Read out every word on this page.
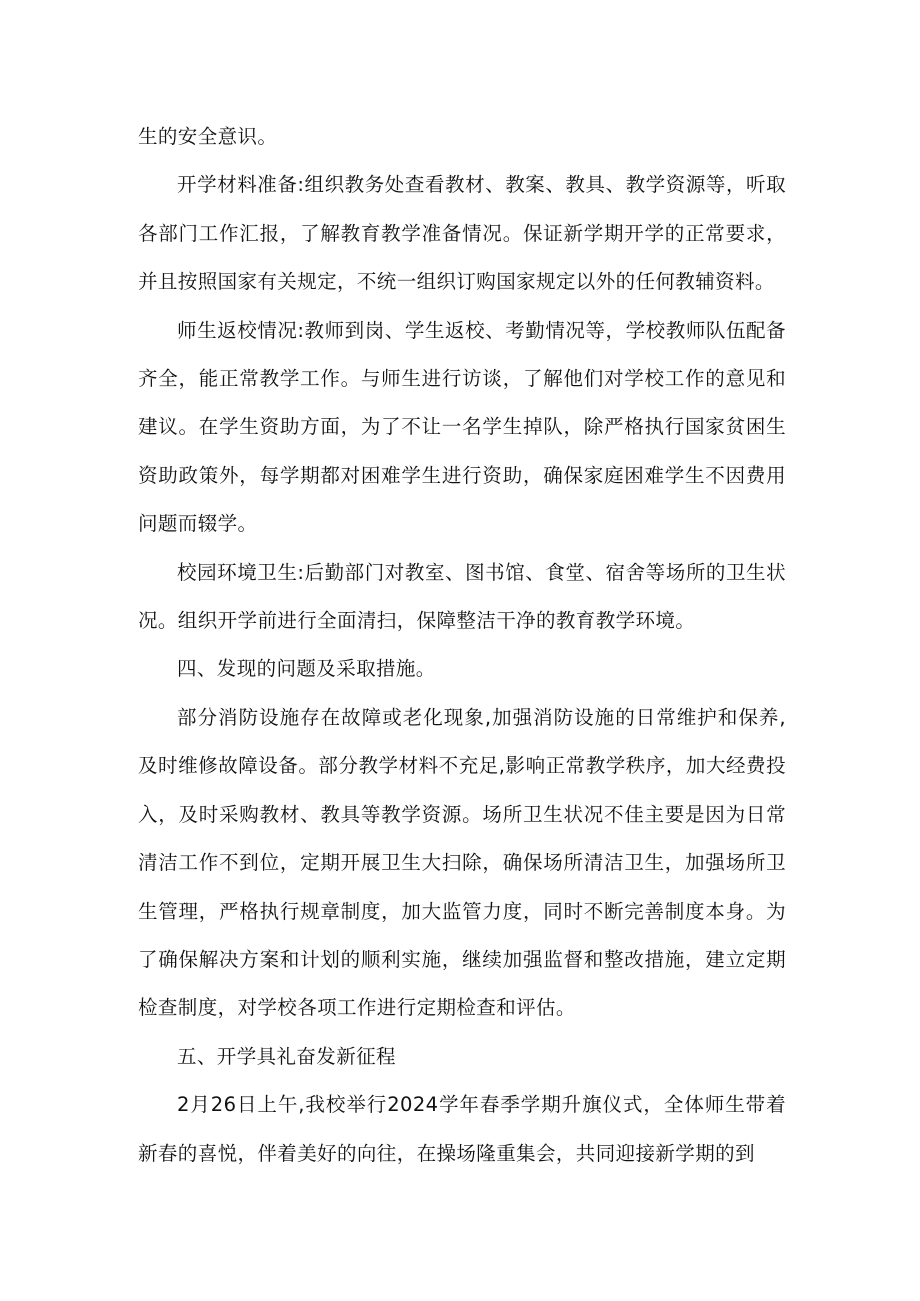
生的安全意识。

开学材料准备:组织教务处查看教材、教案、教具、教学资源等，听取各部门工作汇报，了解教育教学准备情况。保证新学期开学的正常要求，并且按照国家有关规定，不统一组织订购国家规定以外的任何教辅资料。

师生返校情况:教师到岗、学生返校、考勤情况等，学校教师队伍配备齐全，能正常教学工作。与师生进行访谈，了解他们对学校工作的意见和建议。在学生资助方面，为了不让一名学生掉队，除严格执行国家贫困生资助政策外，每学期都对困难学生进行资助，确保家庭困难学生不因费用问题而辍学。

校园环境卫生:后勤部门对教室、图书馆、食堂、宿舍等场所的卫生状况。组织开学前进行全面清扫，保障整洁干净的教育教学环境。

四、发现的问题及采取措施。

部分消防设施存在故障或老化现象,加强消防设施的日常维护和保养,及时维修故障设备。部分教学材料不充足,影响正常教学秩序，加大经费投入，及时采购教材、教具等教学资源。场所卫生状况不佳主要是因为日常清洁工作不到位，定期开展卫生大扫除，确保场所清洁卫生，加强场所卫生管理，严格执行规章制度，加大监管力度，同时不断完善制度本身。为了确保解决方案和计划的顺利实施，继续加强监督和整改措施，建立定期检查制度，对学校各项工作进行定期检查和评估。

五、开学具礼奋发新征程

2月26日上午,我校举行2024学年春季学期升旗仪式，全体师生带着新春的喜悦，伴着美好的向往，在操场隆重集会，共同迎接新学期的到
